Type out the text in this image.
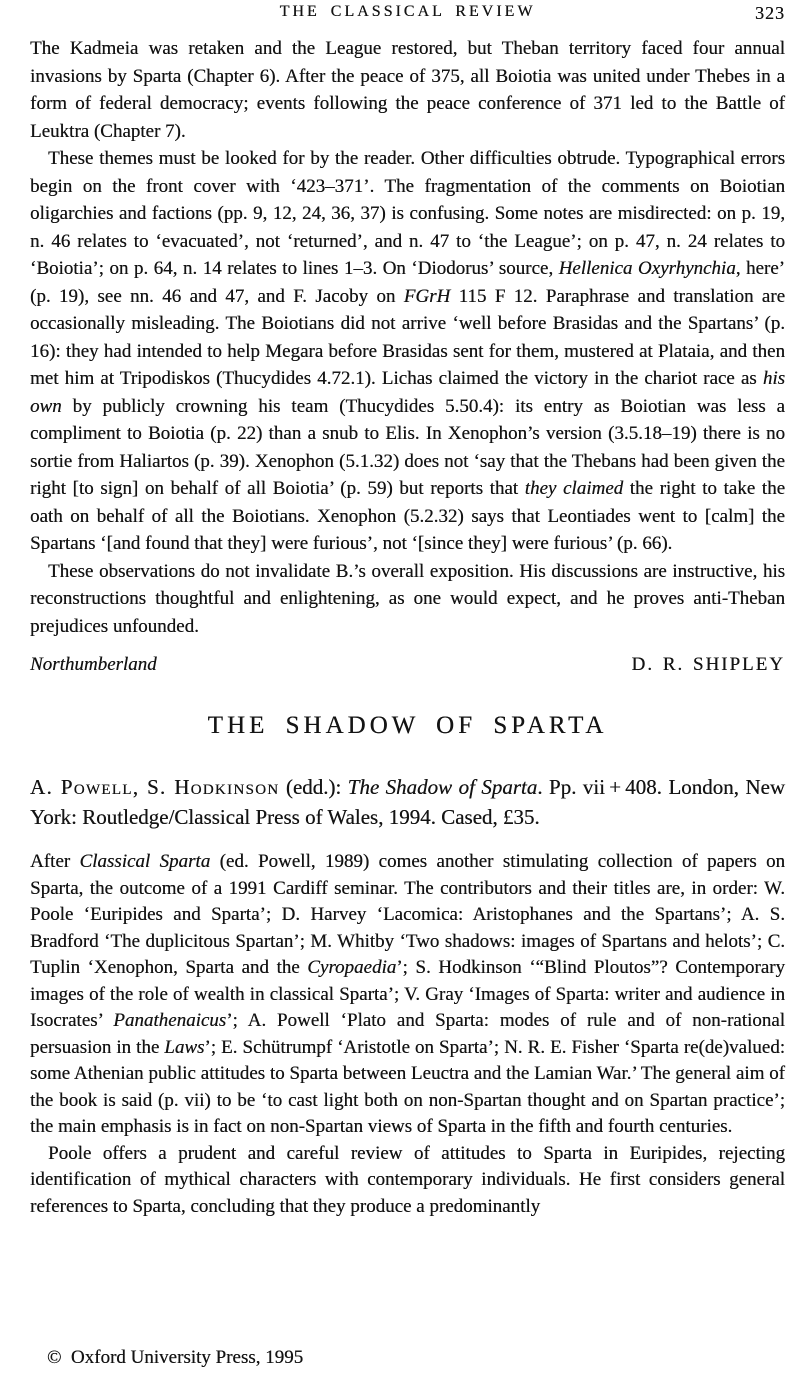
THE CLASSICAL REVIEW	323

The Kadmeia was retaken and the League restored, but Theban territory faced four annual invasions by Sparta (Chapter 6). After the peace of 375, all Boiotia was united under Thebes in a form of federal democracy; events following the peace conference of 371 led to the Battle of Leuktra (Chapter 7).

These themes must be looked for by the reader. Other difficulties obtrude. Typographical errors begin on the front cover with ‘423–371’. The fragmentation of the comments on Boiotian oligarchies and factions (pp. 9, 12, 24, 36, 37) is confusing. Some notes are misdirected: on p. 19, n. 46 relates to ‘evacuated’, not ‘returned’, and n. 47 to ‘the League’; on p. 47, n. 24 relates to ‘Boiotia’; on p. 64, n. 14 relates to lines 1–3. On ‘Diodorus’ source, Hellenica Oxyrhynchia, here’ (p. 19), see nn. 46 and 47, and F. Jacoby on FGrH 115 F 12. Paraphrase and translation are occasionally misleading. The Boiotians did not arrive ‘well before Brasidas and the Spartans’ (p. 16): they had intended to help Megara before Brasidas sent for them, mustered at Plataia, and then met him at Tripodiskos (Thucydides 4.72.1). Lichas claimed the victory in the chariot race as his own by publicly crowning his team (Thucydides 5.50.4): its entry as Boiotian was less a compliment to Boiotia (p. 22) than a snub to Elis. In Xenophon’s version (3.5.18–19) there is no sortie from Haliartos (p. 39). Xenophon (5.1.32) does not ‘say that the Thebans had been given the right [to sign] on behalf of all Boiotia’ (p. 59) but reports that they claimed the right to take the oath on behalf of all the Boiotians. Xenophon (5.2.32) says that Leontiades went to [calm] the Spartans ‘[and found that they] were furious’, not ‘[since they] were furious’ (p. 66).

These observations do not invalidate B.’s overall exposition. His discussions are instructive, his reconstructions thoughtful and enlightening, as one would expect, and he proves anti-Theban prejudices unfounded.

Northumberland	D. R. SHIPLEY
THE SHADOW OF SPARTA

A. Powell, S. Hodkinson (edd.): The Shadow of Sparta. Pp. vii + 408. London, New York: Routledge/Classical Press of Wales, 1994. Cased, £35.

After Classical Sparta (ed. Powell, 1989) comes another stimulating collection of papers on Sparta, the outcome of a 1991 Cardiff seminar. The contributors and their titles are, in order: W. Poole ‘Euripides and Sparta’; D. Harvey ‘Lacomica: Aristophanes and the Spartans’; A. S. Bradford ‘The duplicitous Spartan’; M. Whitby ‘Two shadows: images of Spartans and helots’; C. Tuplin ‘Xenophon, Sparta and the Cyropaedia’; S. Hodkinson ‘“Blind Ploutos”? Contemporary images of the role of wealth in classical Sparta’; V. Gray ‘Images of Sparta: writer and audience in Isocrates’ Panathenaicus’; A. Powell ‘Plato and Sparta: modes of rule and of non-rational persuasion in the Laws’; E. Schütrumpf ‘Aristotle on Sparta’; N. R. E. Fisher ‘Sparta re(de)valued: some Athenian public attitudes to Sparta between Leuctra and the Lamian War.’ The general aim of the book is said (p. vii) to be ‘to cast light both on non-Spartan thought and on Spartan practice’; the main emphasis is in fact on non-Spartan views of Sparta in the fifth and fourth centuries.

Poole offers a prudent and careful review of attitudes to Sparta in Euripides, rejecting identification of mythical characters with contemporary individuals. He first considers general references to Sparta, concluding that they produce a predominantly

© Oxford University Press, 1995
